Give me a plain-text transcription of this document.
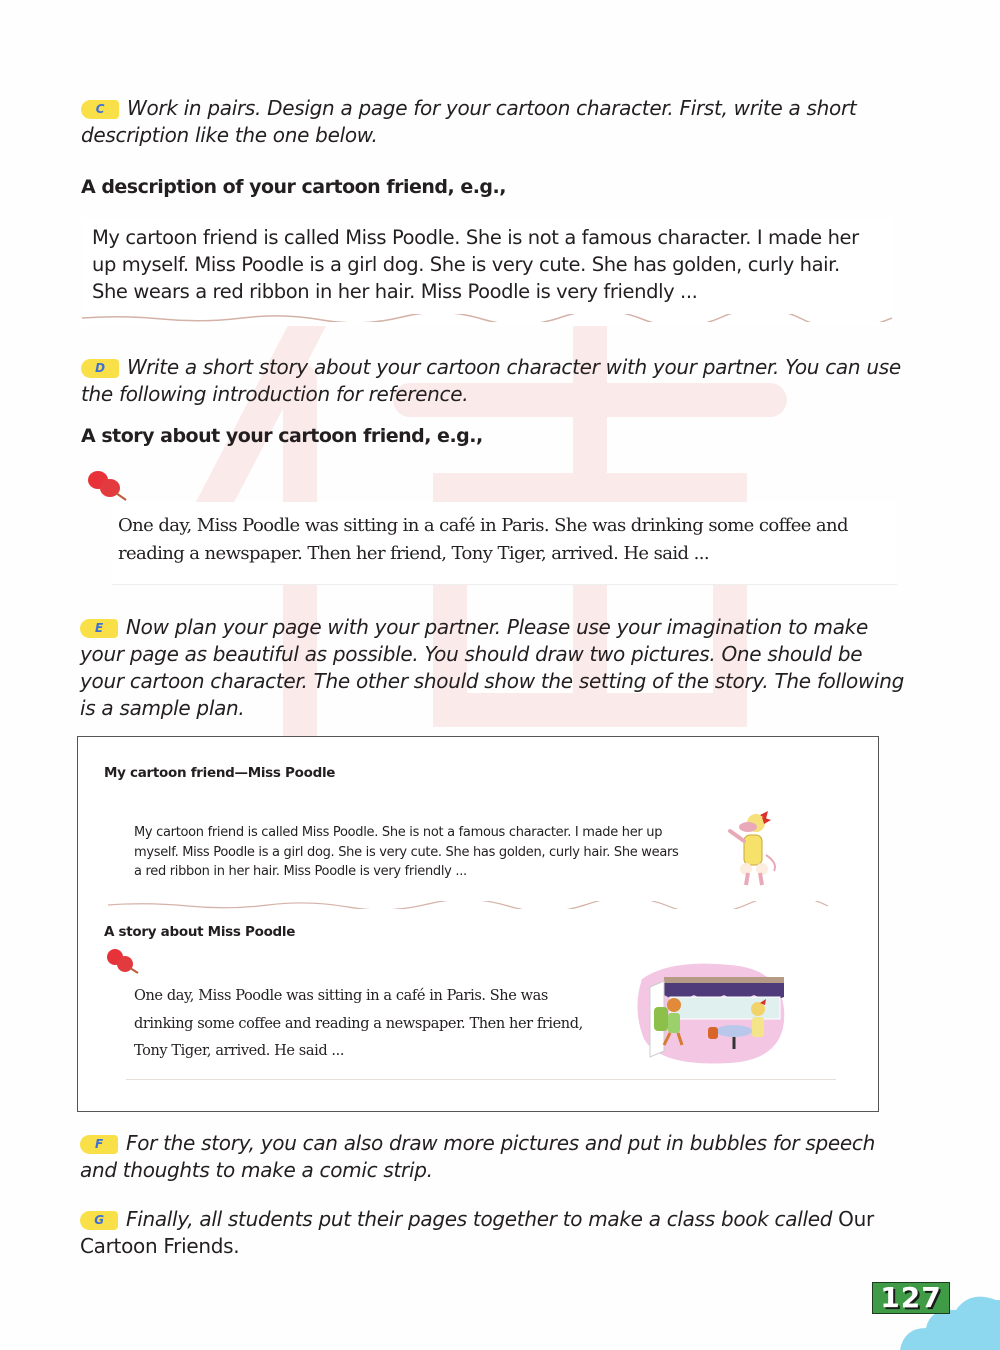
C Work in pairs. Design a page for your cartoon character. First, write a short description like the one below.
A description of your cartoon friend, e.g.,
My cartoon friend is called Miss Poodle. She is not a famous character. I made her up myself. Miss Poodle is a girl dog. She is very cute. She has golden, curly hair. She wears a red ribbon in her hair. Miss Poodle is very friendly ...
D Write a short story about your cartoon character with your partner. You can use the following introduction for reference.
A story about your cartoon friend, e.g.,
One day, Miss Poodle was sitting in a café in Paris. She was drinking some coffee and reading a newspaper. Then her friend, Tony Tiger, arrived. He said ...
E Now plan your page with your partner. Please use your imagination to make your page as beautiful as possible. You should draw two pictures. One should be your cartoon character. The other should show the setting of the story. The following is a sample plan.
My cartoon friend—Miss Poodle
My cartoon friend is called Miss Poodle. She is not a famous character. I made her up myself. Miss Poodle is a girl dog. She is very cute. She has golden, curly hair. She wears a red ribbon in her hair. Miss Poodle is very friendly ...
A story about Miss Poodle
One day, Miss Poodle was sitting in a café in Paris. She was drinking some coffee and reading a newspaper. Then her friend, Tony Tiger, arrived. He said ...
F For the story, you can also draw more pictures and put in bubbles for speech and thoughts to make a comic strip.
G Finally, all students put their pages together to make a class book called Our Cartoon Friends.
127
